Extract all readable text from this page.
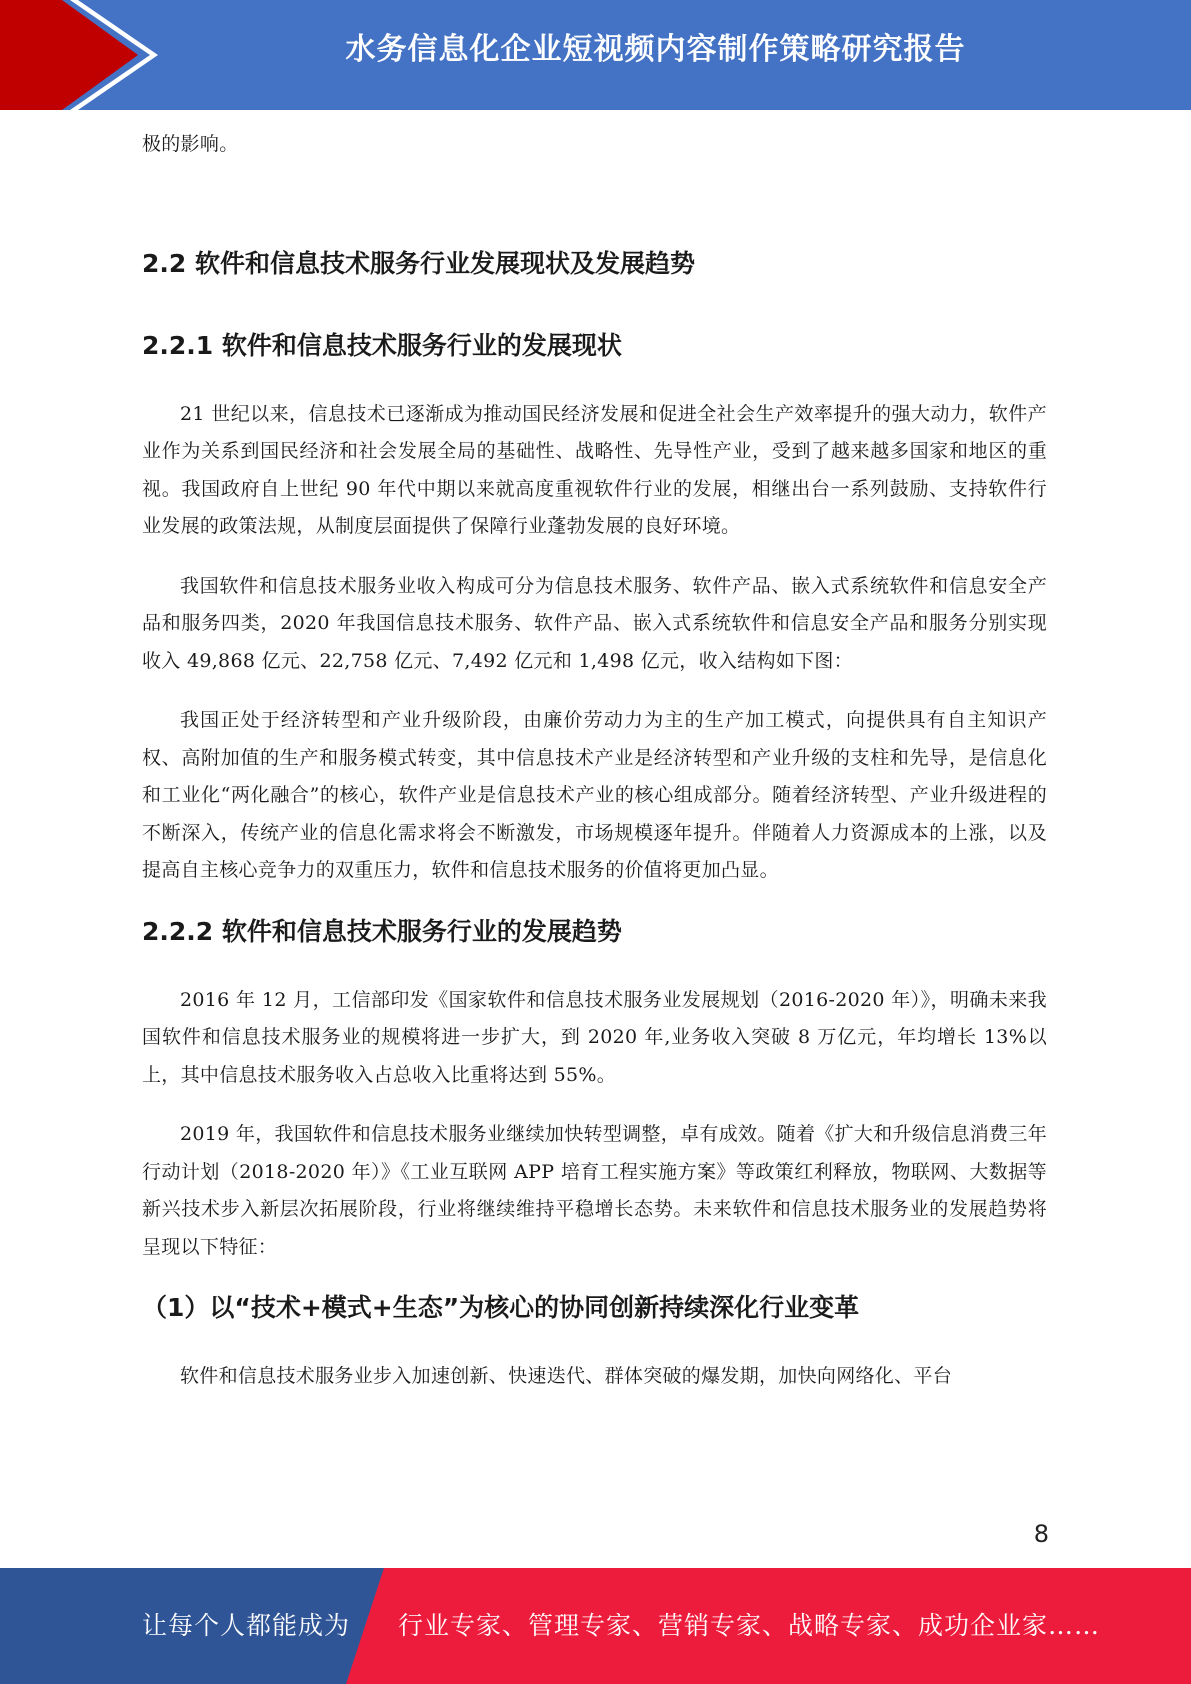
水务信息化企业短视频内容制作策略研究报告

极的影响。

2.2 软件和信息技术服务行业发展现状及发展趋势
2.2.1 软件和信息技术服务行业的发展现状

21 世纪以来，信息技术已逐渐成为推动国民经济发展和促进全社会生产效率提升的强大动力，软件产业作为关系到国民经济和社会发展全局的基础性、战略性、先导性产业，受到了越来越多国家和地区的重视。我国政府自上世纪 90 年代中期以来就高度重视软件行业的发展，相继出台一系列鼓励、支持软件行业发展的政策法规，从制度层面提供了保障行业蓬勃发展的良好环境。

我国软件和信息技术服务业收入构成可分为信息技术服务、软件产品、嵌入式系统软件和信息安全产品和服务四类，2020 年我国信息技术服务、软件产品、嵌入式系统软件和信息安全产品和服务分别实现收入 49,868 亿元、22,758 亿元、7,492 亿元和 1,498 亿元，收入结构如下图：

我国正处于经济转型和产业升级阶段，由廉价劳动力为主的生产加工模式，向提供具有自主知识产权、高附加值的生产和服务模式转变，其中信息技术产业是经济转型和产业升级的支柱和先导，是信息化和工业化“两化融合”的核心，软件产业是信息技术产业的核心组成部分。随着经济转型、产业升级进程的不断深入，传统产业的信息化需求将会不断激发，市场规模逐年提升。伴随着人力资源成本的上涨，以及提高自主核心竞争力的双重压力，软件和信息技术服务的价值将更加凸显。

2.2.2 软件和信息技术服务行业的发展趋势

2016 年 12 月，工信部印发《国家软件和信息技术服务业发展规划（2016-2020 年）》，明确未来我国软件和信息技术服务业的规模将进一步扩大，到 2020 年,业务收入突破 8 万亿元，年均增长 13%以上，其中信息技术服务收入占总收入比重将达到 55%。

2019 年，我国软件和信息技术服务业继续加快转型调整，卓有成效。随着《扩大和升级信息消费三年行动计划（2018-2020 年）》《工业互联网 APP 培育工程实施方案》等政策红利释放，物联网、大数据等新兴技术步入新层次拓展阶段，行业将继续维持平稳增长态势。未来软件和信息技术服务业的发展趋势将呈现以下特征：

（1）以“技术+模式+生态”为核心的协同创新持续深化行业变革

软件和信息技术服务业步入加速创新、快速迭代、群体突破的爆发期，加快向网络化、平台

8
让每个人都能成为 行业专家、管理专家、营销专家、战略专家、成功企业家……
